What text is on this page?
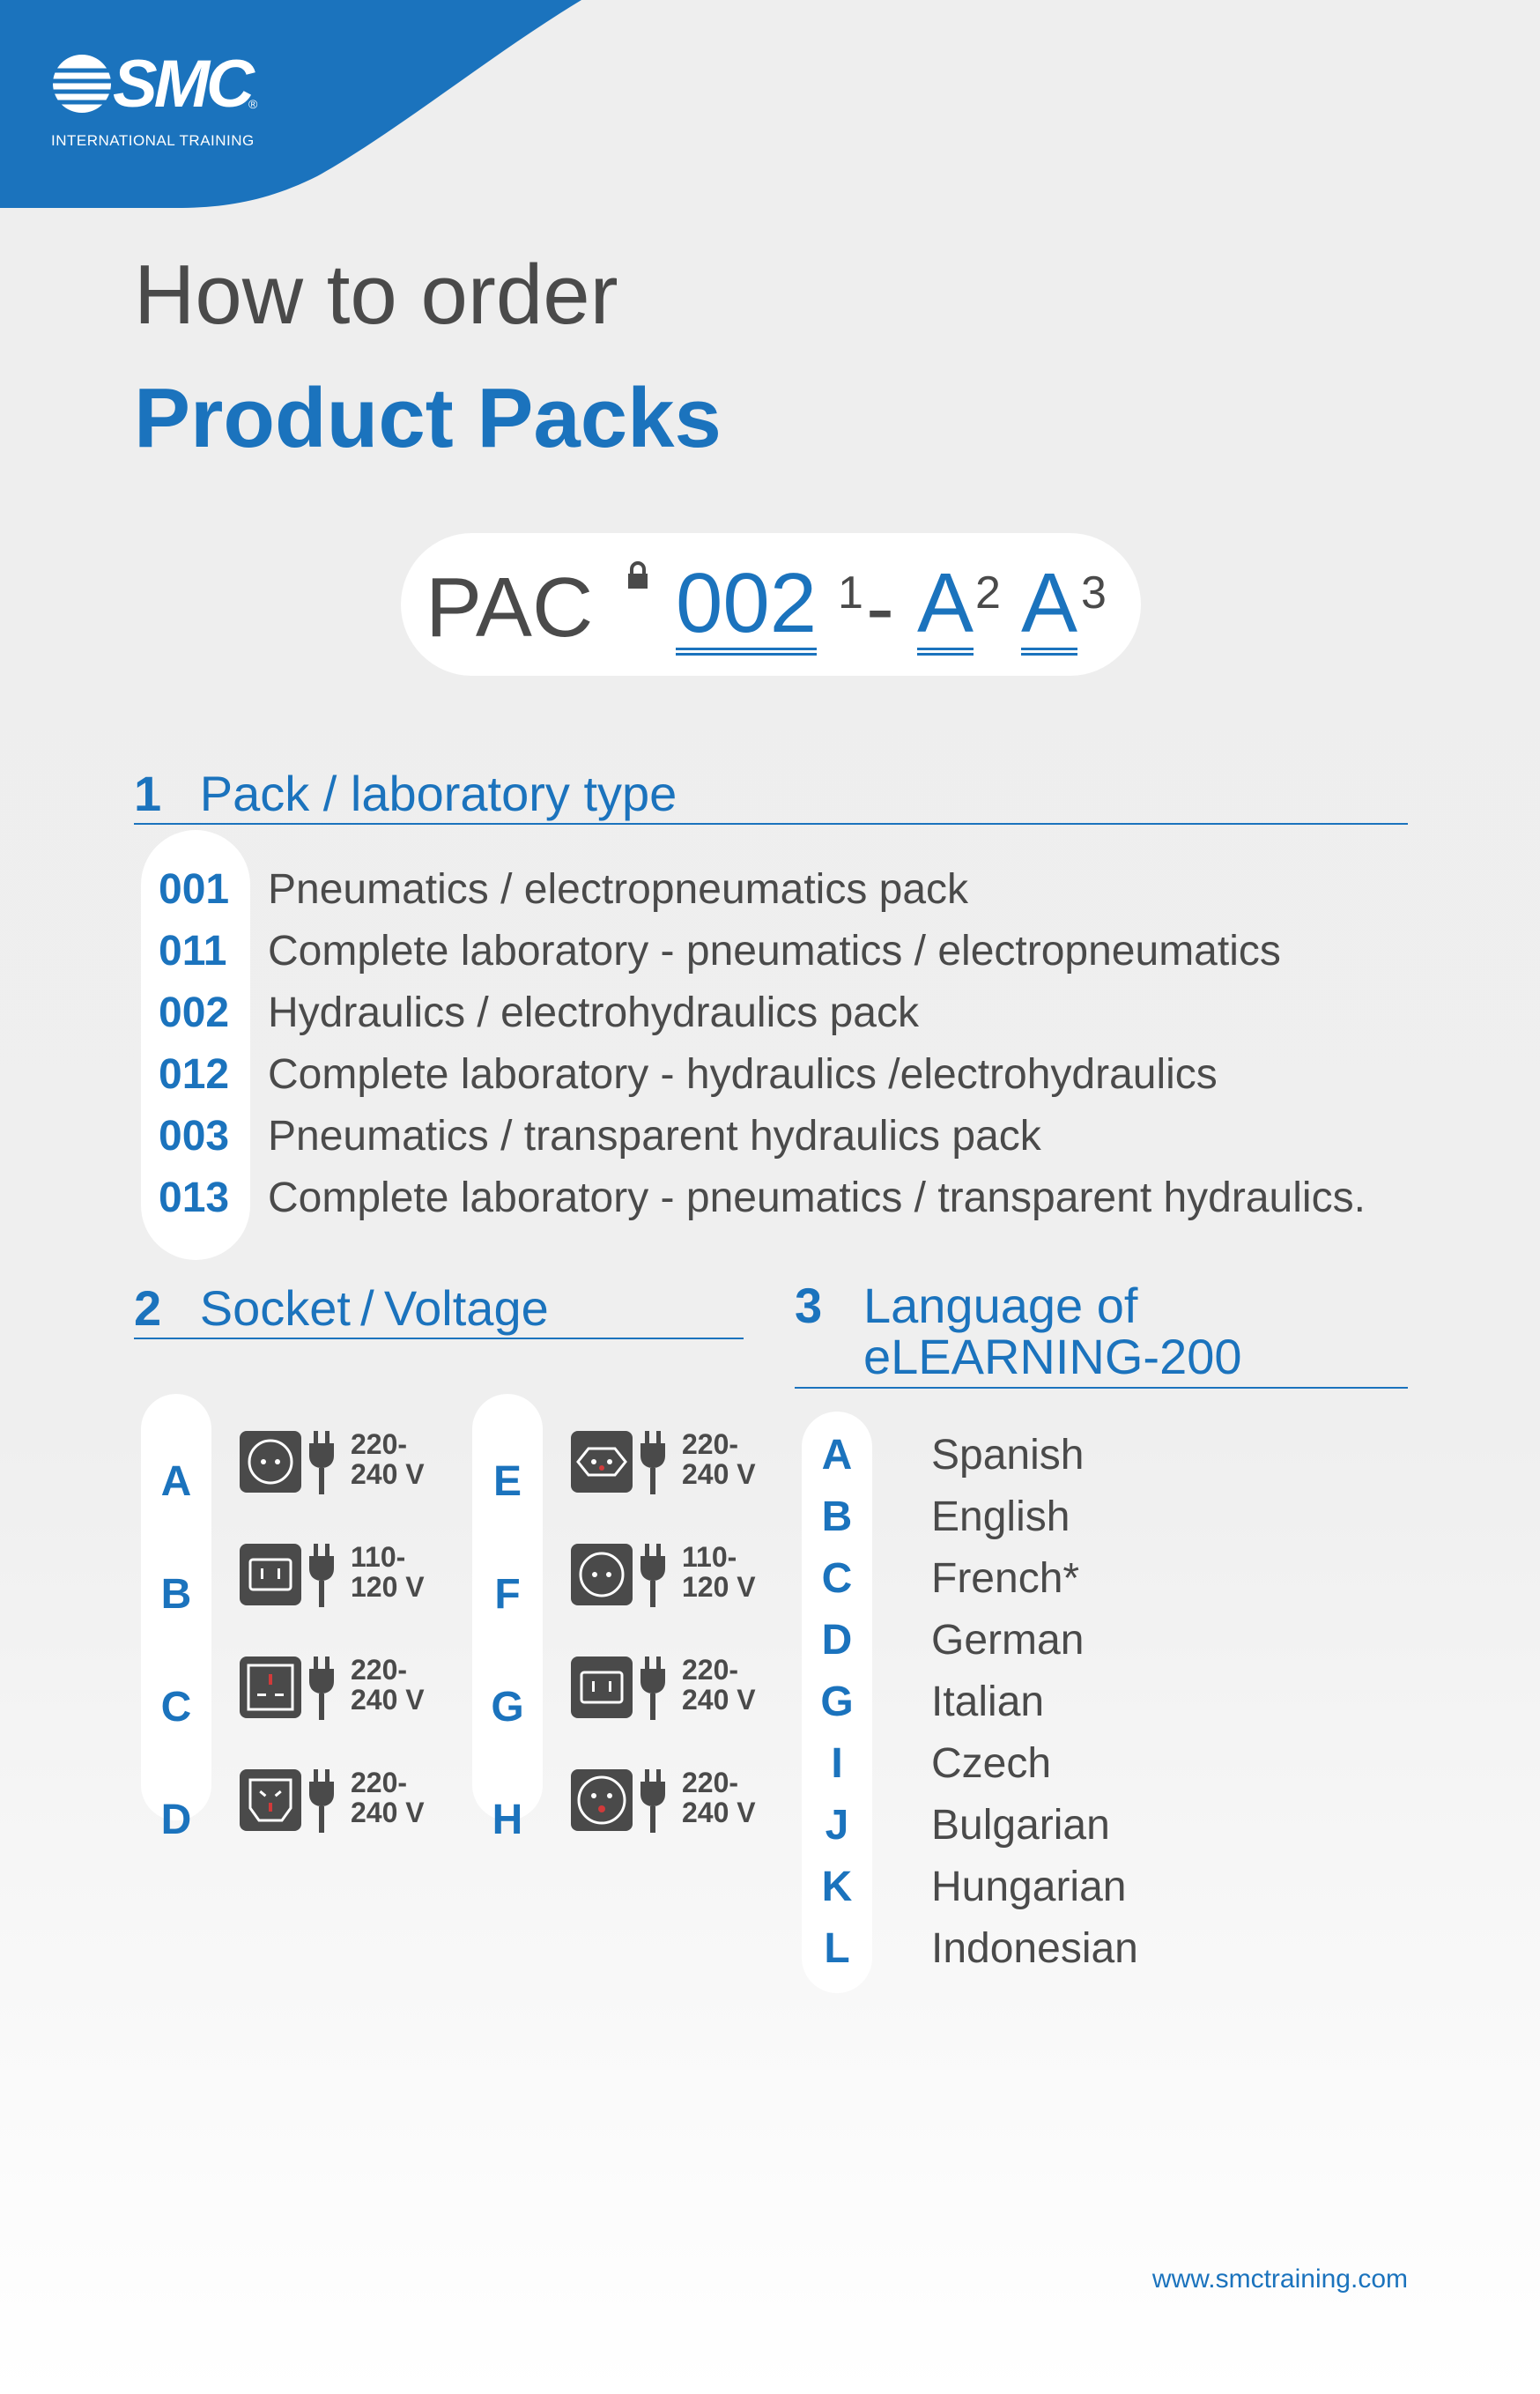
SMC
®
INTERNATIONAL TRAINING
How to order
Product Packs
PAC 002 1 - A 2 A 3
1 Pack / laboratory type
001 Pneumatics / electropneumatics pack
011 Complete laboratory - pneumatics / electropneumatics
002 Hydraulics / electrohydraulics pack
012 Complete laboratory - hydraulics /electrohydraulics
003 Pneumatics / transparent hydraulics pack
013 Complete laboratory - pneumatics / transparent hydraulics.
2 Socket / Voltage
A
220-
240 V
B
110-
120 V
C
220-
240 V
D
220-
240 V
E
220-
240 V
F
110-
120 V
G
220-
240 V
H
220-
240 V
3 Language of
eLEARNING-200
A	Spanish
B	English
C	French*
D	German
G	Italian
I	Czech
J	Bulgarian
K	Hungarian
L	Indonesian
www.smctraining.com
